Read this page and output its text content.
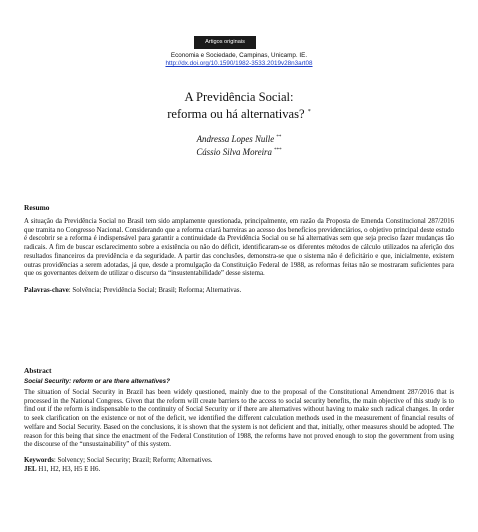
Artigos originais
Economia e Sociedade, Campinas, Unicamp. IE.
http://dx.doi.org/10.1590/1982-3533.2019v28n3art08
A Previdência Social:
reforma ou há alternativas? *
Andressa Lopes Nulle **
Cássio Silva Moreira ***

Resumo

A situação da Previdência Social no Brasil tem sido amplamente questionada, principalmente, em razão da Proposta de Emenda Constitucional 287/2016 que tramita no Congresso Nacional. Considerando que a reforma criará barreiras ao acesso dos benefícios previdenciários, o objetivo principal deste estudo é descobrir se a reforma é indispensável para garantir a continuidade da Previdência Social ou se há alternativas sem que seja preciso fazer mudanças tão radicais. A fim de buscar esclarecimento sobre a existência ou não do déficit, identificaram-se os diferentes métodos de cálculo utilizados na aferição dos resultados financeiros da previdência e da seguridade. A partir das conclusões, demonstra-se que o sistema não é deficitário e que, inicialmente, existem outras providências a serem adotadas, já que, desde a promulgação da Constituição Federal de 1988, as reformas feitas não se mostraram suficientes para que os governantes deixem de utilizar o discurso da “insustentabilidade” desse sistema.

Palavras-chave: Solvência; Previdência Social; Brasil; Reforma; Alternativas.

Abstract

Social Security: reform or are there alternatives?

The situation of Social Security in Brazil has been widely questioned, mainly due to the proposal of the Constitutional Amendment 287/2016 that is processed in the National Congress. Given that the reform will create barriers to the access to social security benefits, the main objective of this study is to find out if the reform is indispensable to the continuity of Social Security or if there are alternatives without having to make such radical changes. In order to seek clarification on the existence or not of the deficit, we identified the different calculation methods used in the measurement of financial results of welfare and Social Security. Based on the conclusions, it is shown that the system is not deficient and that, initially, other measures should be adopted. The reason for this being that since the enactment of the Federal Constitution of 1988, the reforms have not proved enough to stop the government from using the discourse of the “unsustainability” of this system.

Keywords: Solvency; Social Security; Brazil; Reform; Alternatives.

JEL H1, H2, H3, H5 E H6.
